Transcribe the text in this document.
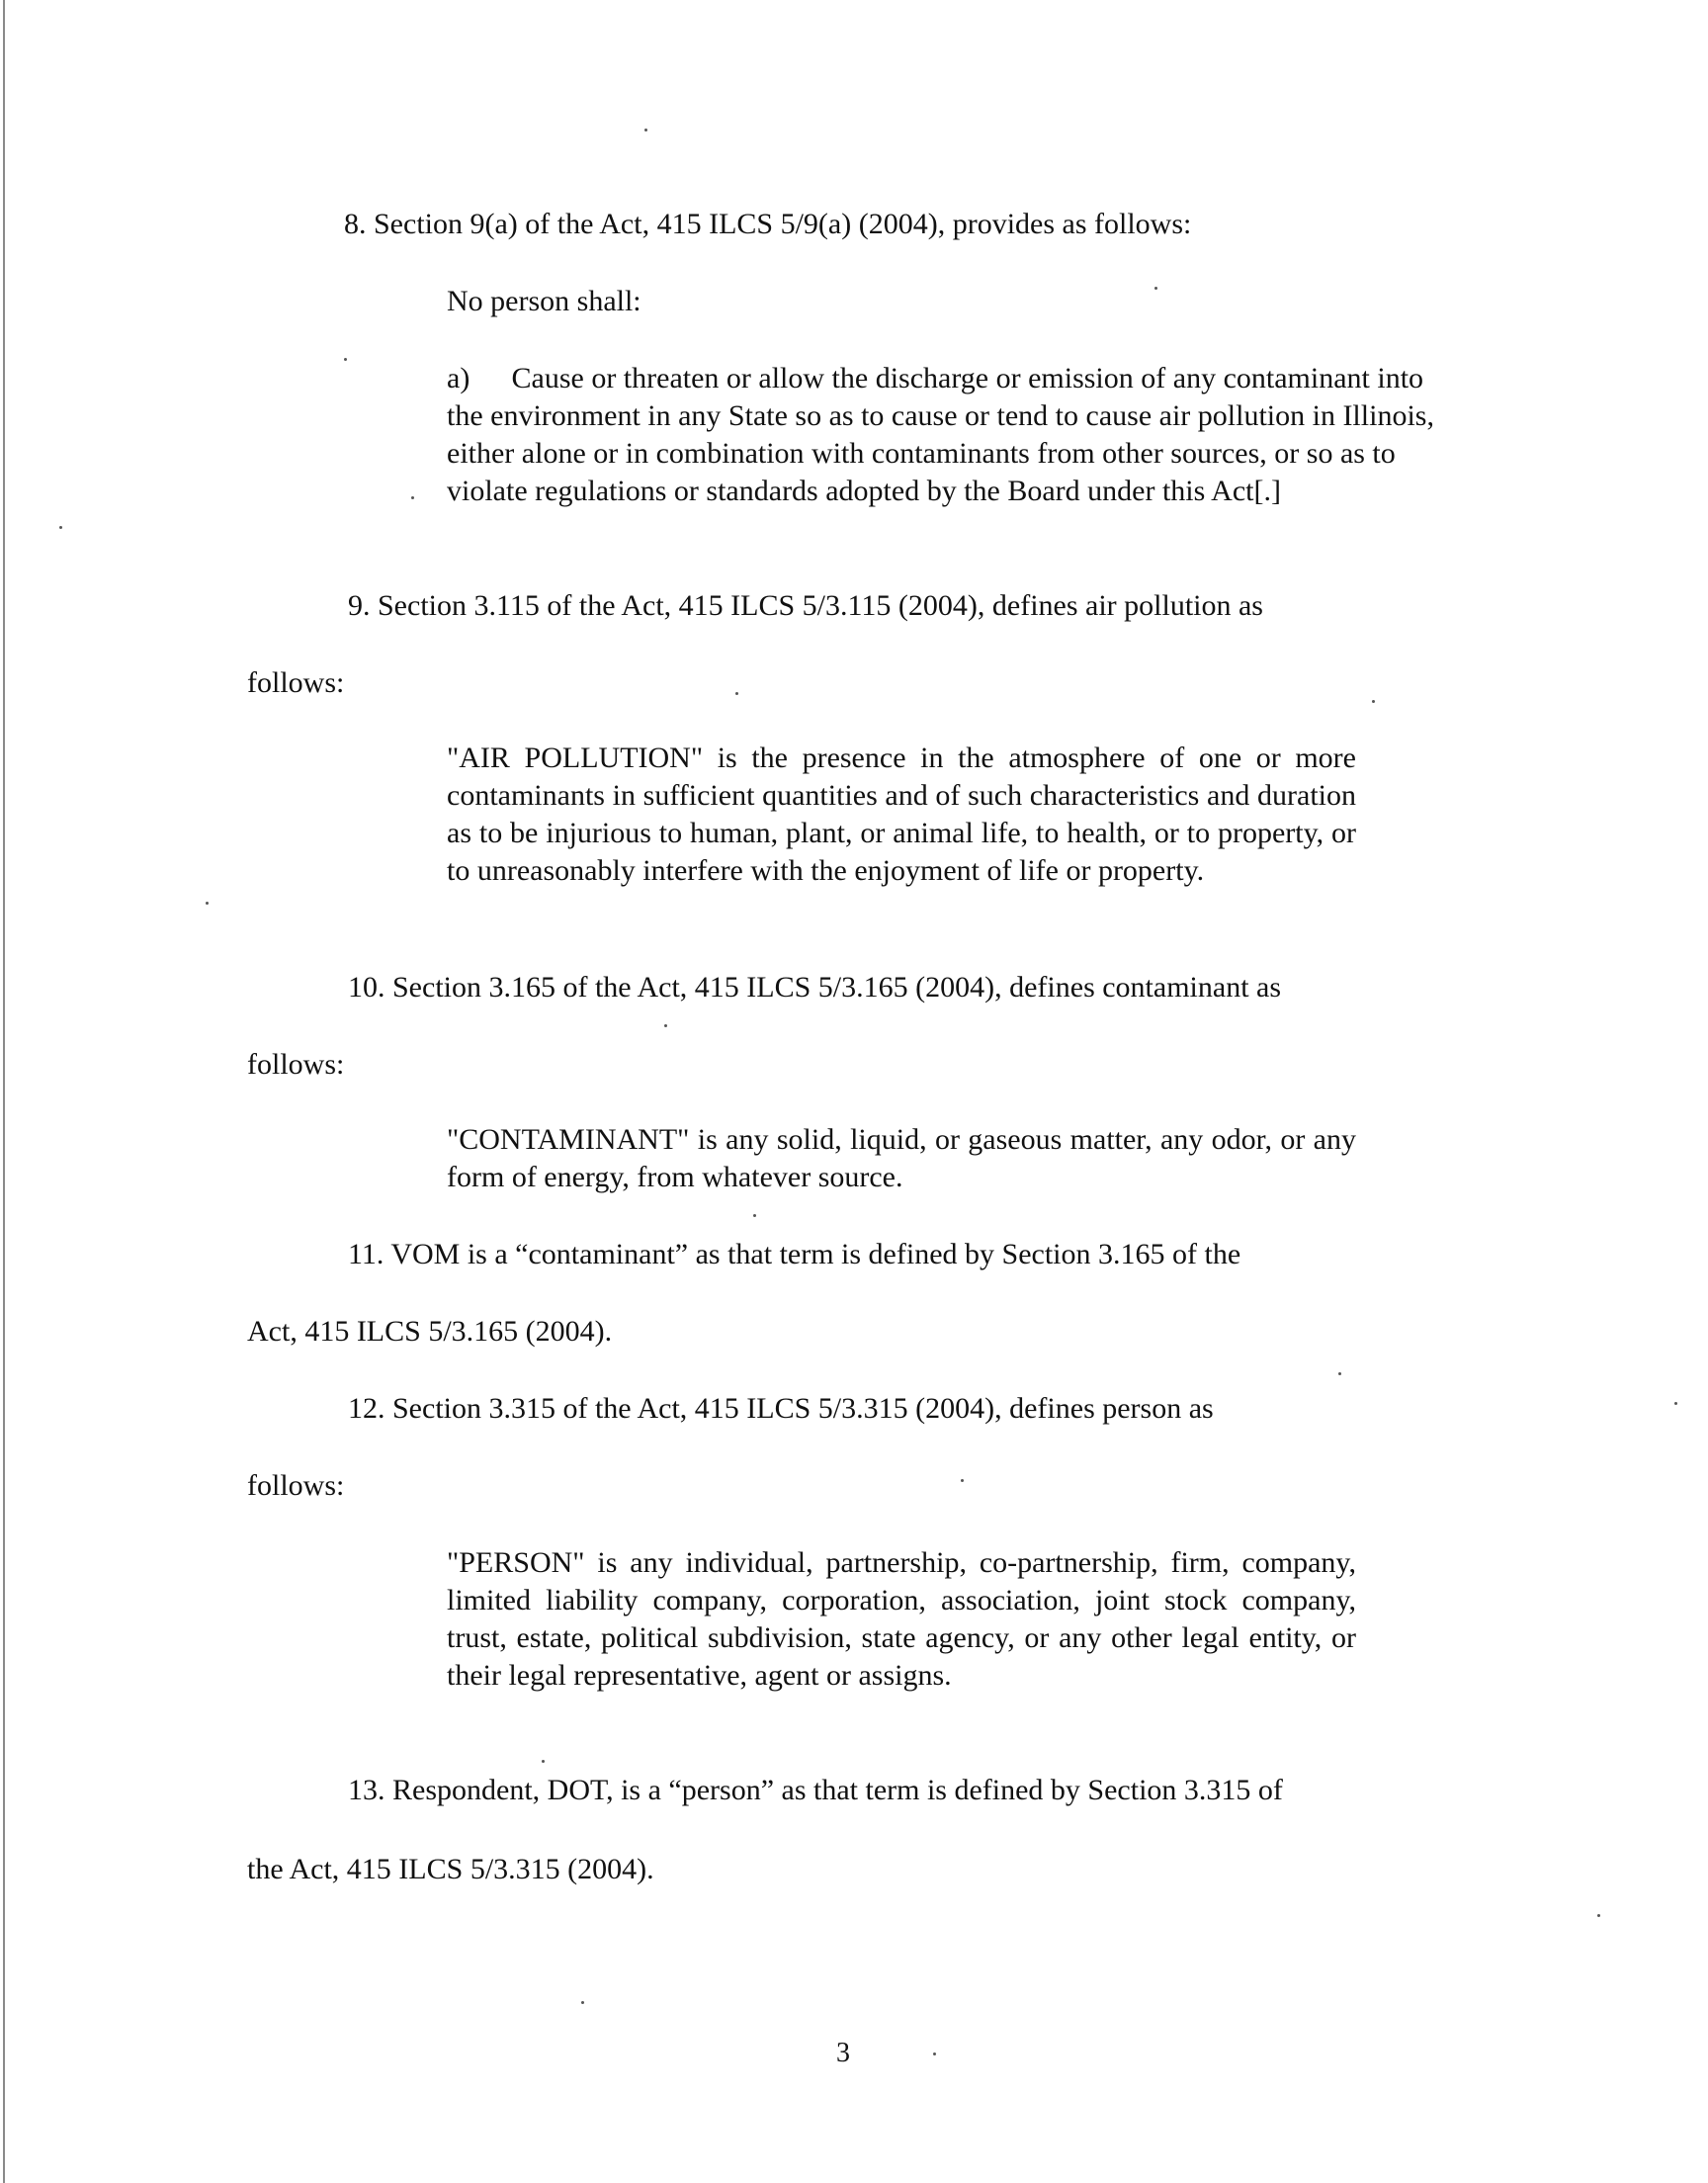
8. Section 9(a) of the Act, 415 ILCS 5/9(a) (2004), provides as follows:
No person shall:
a) Cause or threaten or allow the discharge or emission of any contaminant into the environment in any State so as to cause or tend to cause air pollution in Illinois, either alone or in combination with contaminants from other sources, or so as to violate regulations or standards adopted by the Board under this Act[.]
9. Section 3.115 of the Act, 415 ILCS 5/3.115 (2004), defines air pollution as
follows:
"AIR POLLUTION" is the presence in the atmosphere of one or more contaminants in sufficient quantities and of such characteristics and duration as to be injurious to human, plant, or animal life, to health, or to property, or to unreasonably interfere with the enjoyment of life or property.
10. Section 3.165 of the Act, 415 ILCS 5/3.165 (2004), defines contaminant as
follows:
"CONTAMINANT" is any solid, liquid, or gaseous matter, any odor, or any form of energy, from whatever source.
11. VOM is a “contaminant” as that term is defined by Section 3.165 of the
Act, 415 ILCS 5/3.165 (2004).
12. Section 3.315 of the Act, 415 ILCS 5/3.315 (2004), defines person as
follows:
"PERSON" is any individual, partnership, co-partnership, firm, company, limited liability company, corporation, association, joint stock company, trust, estate, political subdivision, state agency, or any other legal entity, or their legal representative, agent or assigns.
13. Respondent, DOT, is a “person” as that term is defined by Section 3.315 of
the Act, 415 ILCS 5/3.315 (2004).
3
